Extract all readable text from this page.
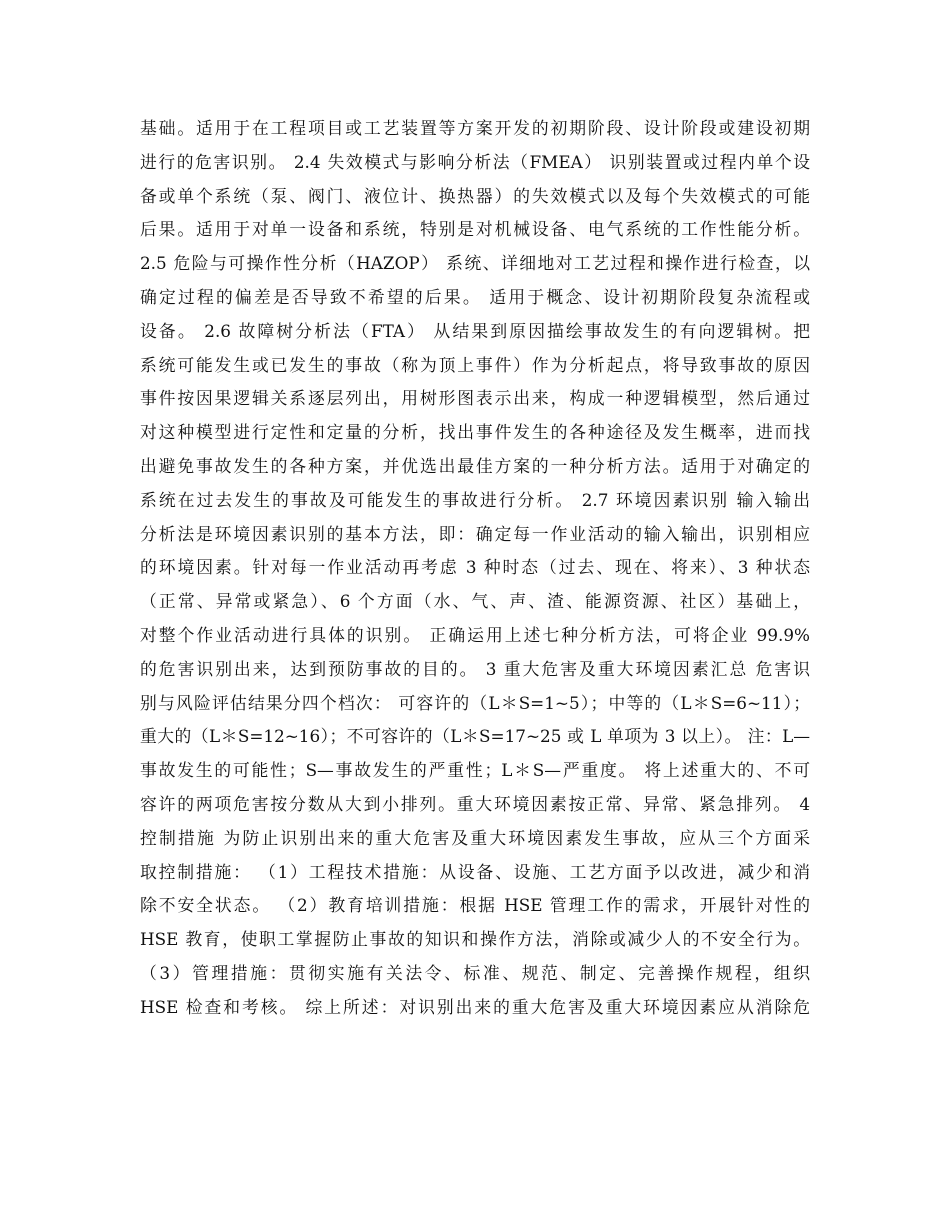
基础。适用于在工程项目或工艺装置等方案开发的初期阶段、设计阶段或建设初期
进行的危害识别。 2.4 失效模式与影响分析法（FMEA） 识别装置或过程内单个设
备或单个系统（泵、阀门、液位计、换热器）的失效模式以及每个失效模式的可能
后果。适用于对单一设备和系统，特别是对机械设备、电气系统的工作性能分析。
2.5 危险与可操作性分析（HAZOP） 系统、详细地对工艺过程和操作进行检查，以
确定过程的偏差是否导致不希望的后果。 适用于概念、设计初期阶段复杂流程或
设备。 2.6 故障树分析法（FTA） 从结果到原因描绘事故发生的有向逻辑树。把
系统可能发生或已发生的事故（称为顶上事件）作为分析起点，将导致事故的原因
事件按因果逻辑关系逐层列出，用树形图表示出来，构成一种逻辑模型，然后通过
对这种模型进行定性和定量的分析，找出事件发生的各种途径及发生概率，进而找
出避免事故发生的各种方案，并优选出最佳方案的一种分析方法。适用于对确定的
系统在过去发生的事故及可能发生的事故进行分析。 2.7 环境因素识别 输入输出
分析法是环境因素识别的基本方法，即：确定每一作业活动的输入输出，识别相应
的环境因素。针对每一作业活动再考虑 3 种时态（过去、现在、将来）、3 种状态
（正常、异常或紧急）、6 个方面（水、气、声、渣、能源资源、社区）基础上，
对整个作业活动进行具体的识别。 正确运用上述七种分析方法，可将企业 99.9%
的危害识别出来，达到预防事故的目的。 3 重大危害及重大环境因素汇总 危害识
别与风险评估结果分四个档次： 可容许的（L＊S=1~5）；中等的（L＊S=6~11）；
重大的（L＊S=12~16）；不可容许的（L＊S=17~25 或 L 单项为 3 以上）。 注：L—
事故发生的可能性；S—事故发生的严重性；L＊S—严重度。 将上述重大的、不可
容许的两项危害按分数从大到小排列。重大环境因素按正常、异常、紧急排列。 4
控制措施 为防止识别出来的重大危害及重大环境因素发生事故，应从三个方面采
取控制措施： （1）工程技术措施：从设备、设施、工艺方面予以改进，减少和消
除不安全状态。 （2）教育培训措施：根据 HSE 管理工作的需求，开展针对性的
HSE 教育，使职工掌握防止事故的知识和操作方法，消除或减少人的不安全行为。
（3）管理措施：贯彻实施有关法令、标准、规范、制定、完善操作规程，组织
HSE 检查和考核。 综上所述：对识别出来的重大危害及重大环境因素应从消除危
